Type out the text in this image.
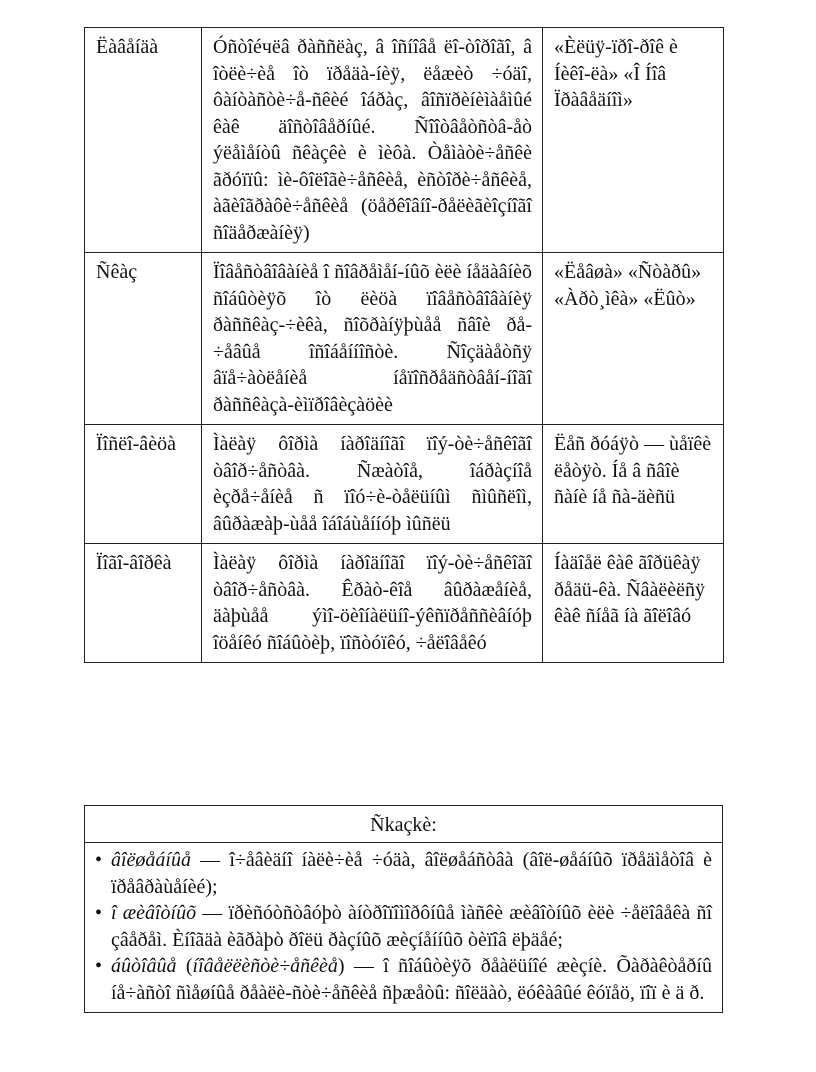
Ëàâåíäà	Óñòîéчёâ ðàññëàç, â îñíîâå ëî-òîðîãî, â îòëè÷èå îò ïðåäà-íèÿ, ëåæèò ÷óäî, ôàíòàñòè÷å-ñêèé îáðàç, âîñïðèíèìàåìûé êàê äîñòîâåðíûé. Ñîîòâåòñòâ-åò ýëåìåíòû ñêàçêè è ìèôà. Òåìàòè÷åñêè ãðóïïû: ìè-ôîëîãè÷åñêèå, èñòîðè÷åñêèå, àãèîãðàôè÷åñêèå (öåðêîâíî-ðåëèãèîçíîãî ñîäåðæàíèÿ)	«Èëüÿ-ïðî-ðîê è Íèêî-ëà» «Î Íîâ Ïðàâåäíîì»
Ñêàç	Ïîâåñòâîâàíèå î ñîâðåìåí-íûõ èëè íåäàâíèõ ñîáûòèÿõ îò ëèöà ïîâåñòâîâàíèÿ ðàññêàç-÷èêà, ñîõðàíÿþùåå ñâîè ðå-÷åâûå îñîáåííîñòè. Ñîçäàåòñÿ âïå÷àòëåíèå íåïîñðåäñòâåí-íîãî ðàññêàçà-èìïðîâèçàöèè	«Ëåâøà» «Ñòàðû» «Àðò¸ìêà» «Ëûò»
Ïîñëî-âèöà	Ìàëàÿ ôîðìà íàðîäíîãî ïîý-òè÷åñêîãî òâîð÷åñòâà. Ñæàòîå, îáðàçíîå èçðå÷åíèå ñ ïîó÷è-òåëüíûì ñìûñëîì, âûðàæàþ-ùåå îáîáùåííóþ ìûñëü	Ëåñ ðóáÿò — ùåïêè ëåòÿò. Íå â ñâîè ñàíè íå ñà-äèñü
Ïîãî-âîðêà	Ìàëàÿ ôîðìà íàðîäíîãî ïîý-òè÷åñêîãî òâîð÷åñòâà. Êðàò-êîå âûðàæåíèå, äàþùåå ýìî-öèîíàëüíî-ýêñïðåññèâíóþ îöåíêó ñîáûòèþ, ïîñòóïêó, ÷åëîâåêó	Íàäîåë êàê ãîðüêàÿ ðåäü-êà. Ñâàëèëñÿ êàê ñíåã íà ãîëîâó
Ñkaçkè:
• âîëøåáíûå — î÷åâèäíî íàëè÷èå ÷óäà, âîëøåáñòâà (âîë-øåáíûõ ïðåäìåòîâ è ïðåâðàùåíèé);
• î æèâîòíûõ — ïðèñóòñòâóþò àíòðîïîìîðôíûå ìàñêè æèâîòíûõ èëè ÷åëîâåêà ñî çâåðåì. Èíîãäà èãðàþò ðîëü ðàçíûõ æèçíåííûõ òèïîâ ëþäåé;
• áûòîâûå (íîâåëëèñòè÷åñêèå) — î ñîáûòèÿõ ðåàëüíîé æèçíè. Õàðàêòåðíû íå÷àñòî ñìåøíûå ðåàëè-ñòè÷åñêèå ñþæåòû: ñîëäàò, ëóêàâûé êóïåö, ïîï è ä ð.
